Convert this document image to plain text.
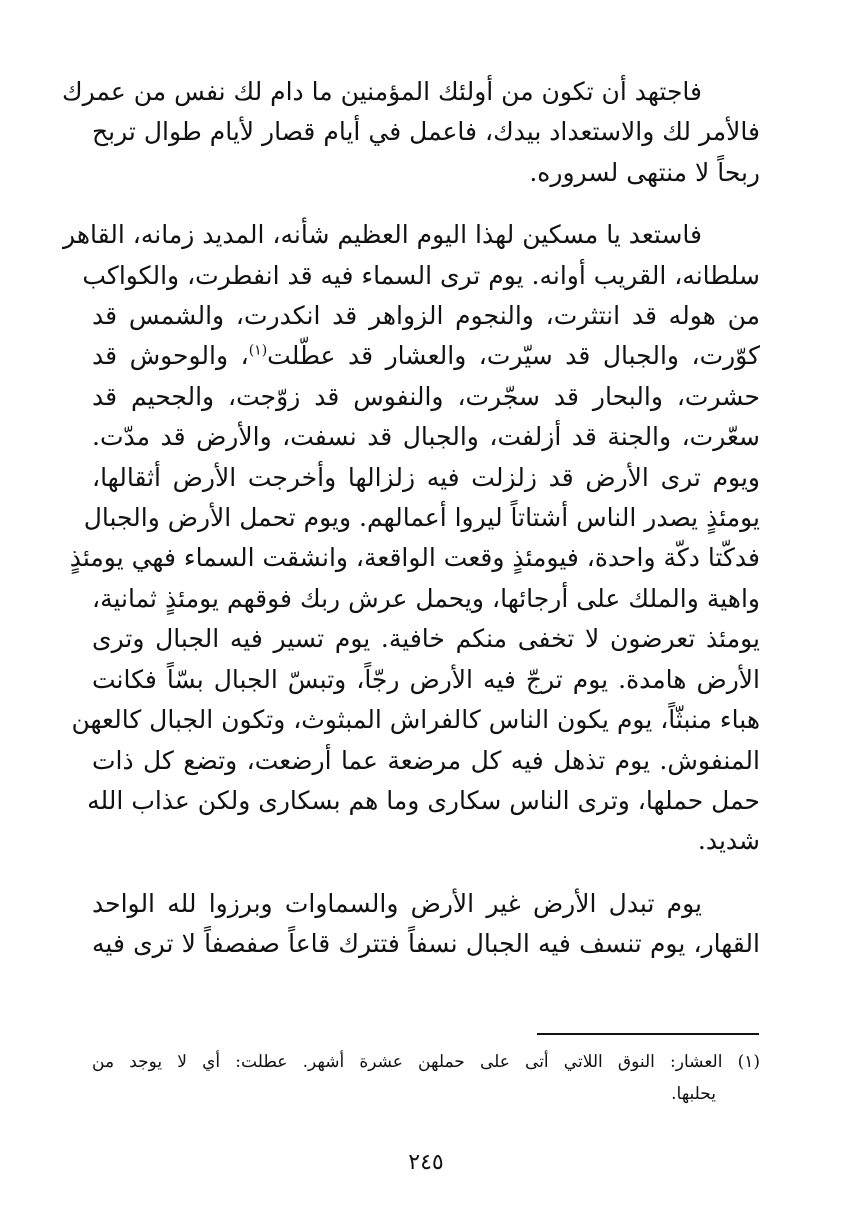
فاجتهد أن تكون من أولئك المؤمنين ما دام لك نفس من عمرك
فالأمر لك والاستعداد بيدك، فاعمل في أيام قصار لأيام طوال تربح
ربحاً لا منتهى لسروره.

فاستعد يا مسكين لهذا اليوم العظيم شأنه، المديد زمانه، القاهر
سلطانه، القريب أوانه. يوم ترى السماء فيه قد انفطرت، والكواكب
من هوله قد انتثرت، والنجوم الزواهر قد انكدرت، والشمس قد
كوّرت، والجبال قد سيّرت، والعشار قد عطّلت$^{(١)}$، والوحوش قد
حشرت، والبحار قد سجّرت، والنفوس قد زوّجت، والجحيم قد
سعّرت، والجنة قد أزلفت، والجبال قد نسفت، والأرض قد مدّت.
ويوم ترى الأرض قد زلزلت فيه زلزالها وأخرجت الأرض أثقالها،
يومئذٍ يصدر الناس أشتاتاً ليروا أعمالهم. ويوم تحمل الأرض والجبال
فدكّتا دكّة واحدة، فيومئذٍ وقعت الواقعة، وانشقت السماء فهي يومئذٍ
واهية والملك على أرجائها، ويحمل عرش ربك فوقهم يومئذٍ ثمانية،
يومئذ تعرضون لا تخفى منكم خافية. يوم تسير فيه الجبال وترى
الأرض هامدة. يوم ترجّ فيه الأرض رجّاً، وتبسّ الجبال بسّاً فكانت
هباء منبثّاً، يوم يكون الناس كالفراش المبثوث، وتكون الجبال كالعهن
المنفوش. يوم تذهل فيه كل مرضعة عما أرضعت، وتضع كل ذات
حمل حملها، وترى الناس سكارى وما هم بسكارى ولكن عذاب الله
شديد.

يوم تبدل الأرض غير الأرض والسماوات وبرزوا لله الواحد
القهار، يوم تنسف فيه الجبال نسفاً فتترك قاعاً صفصفاً لا ترى فيه

(١) العشار: النوق اللاتي أتى على حملهن عشرة أشهر. عطلت: أي لا يوجد من
يحلبها.
٢٤٥
